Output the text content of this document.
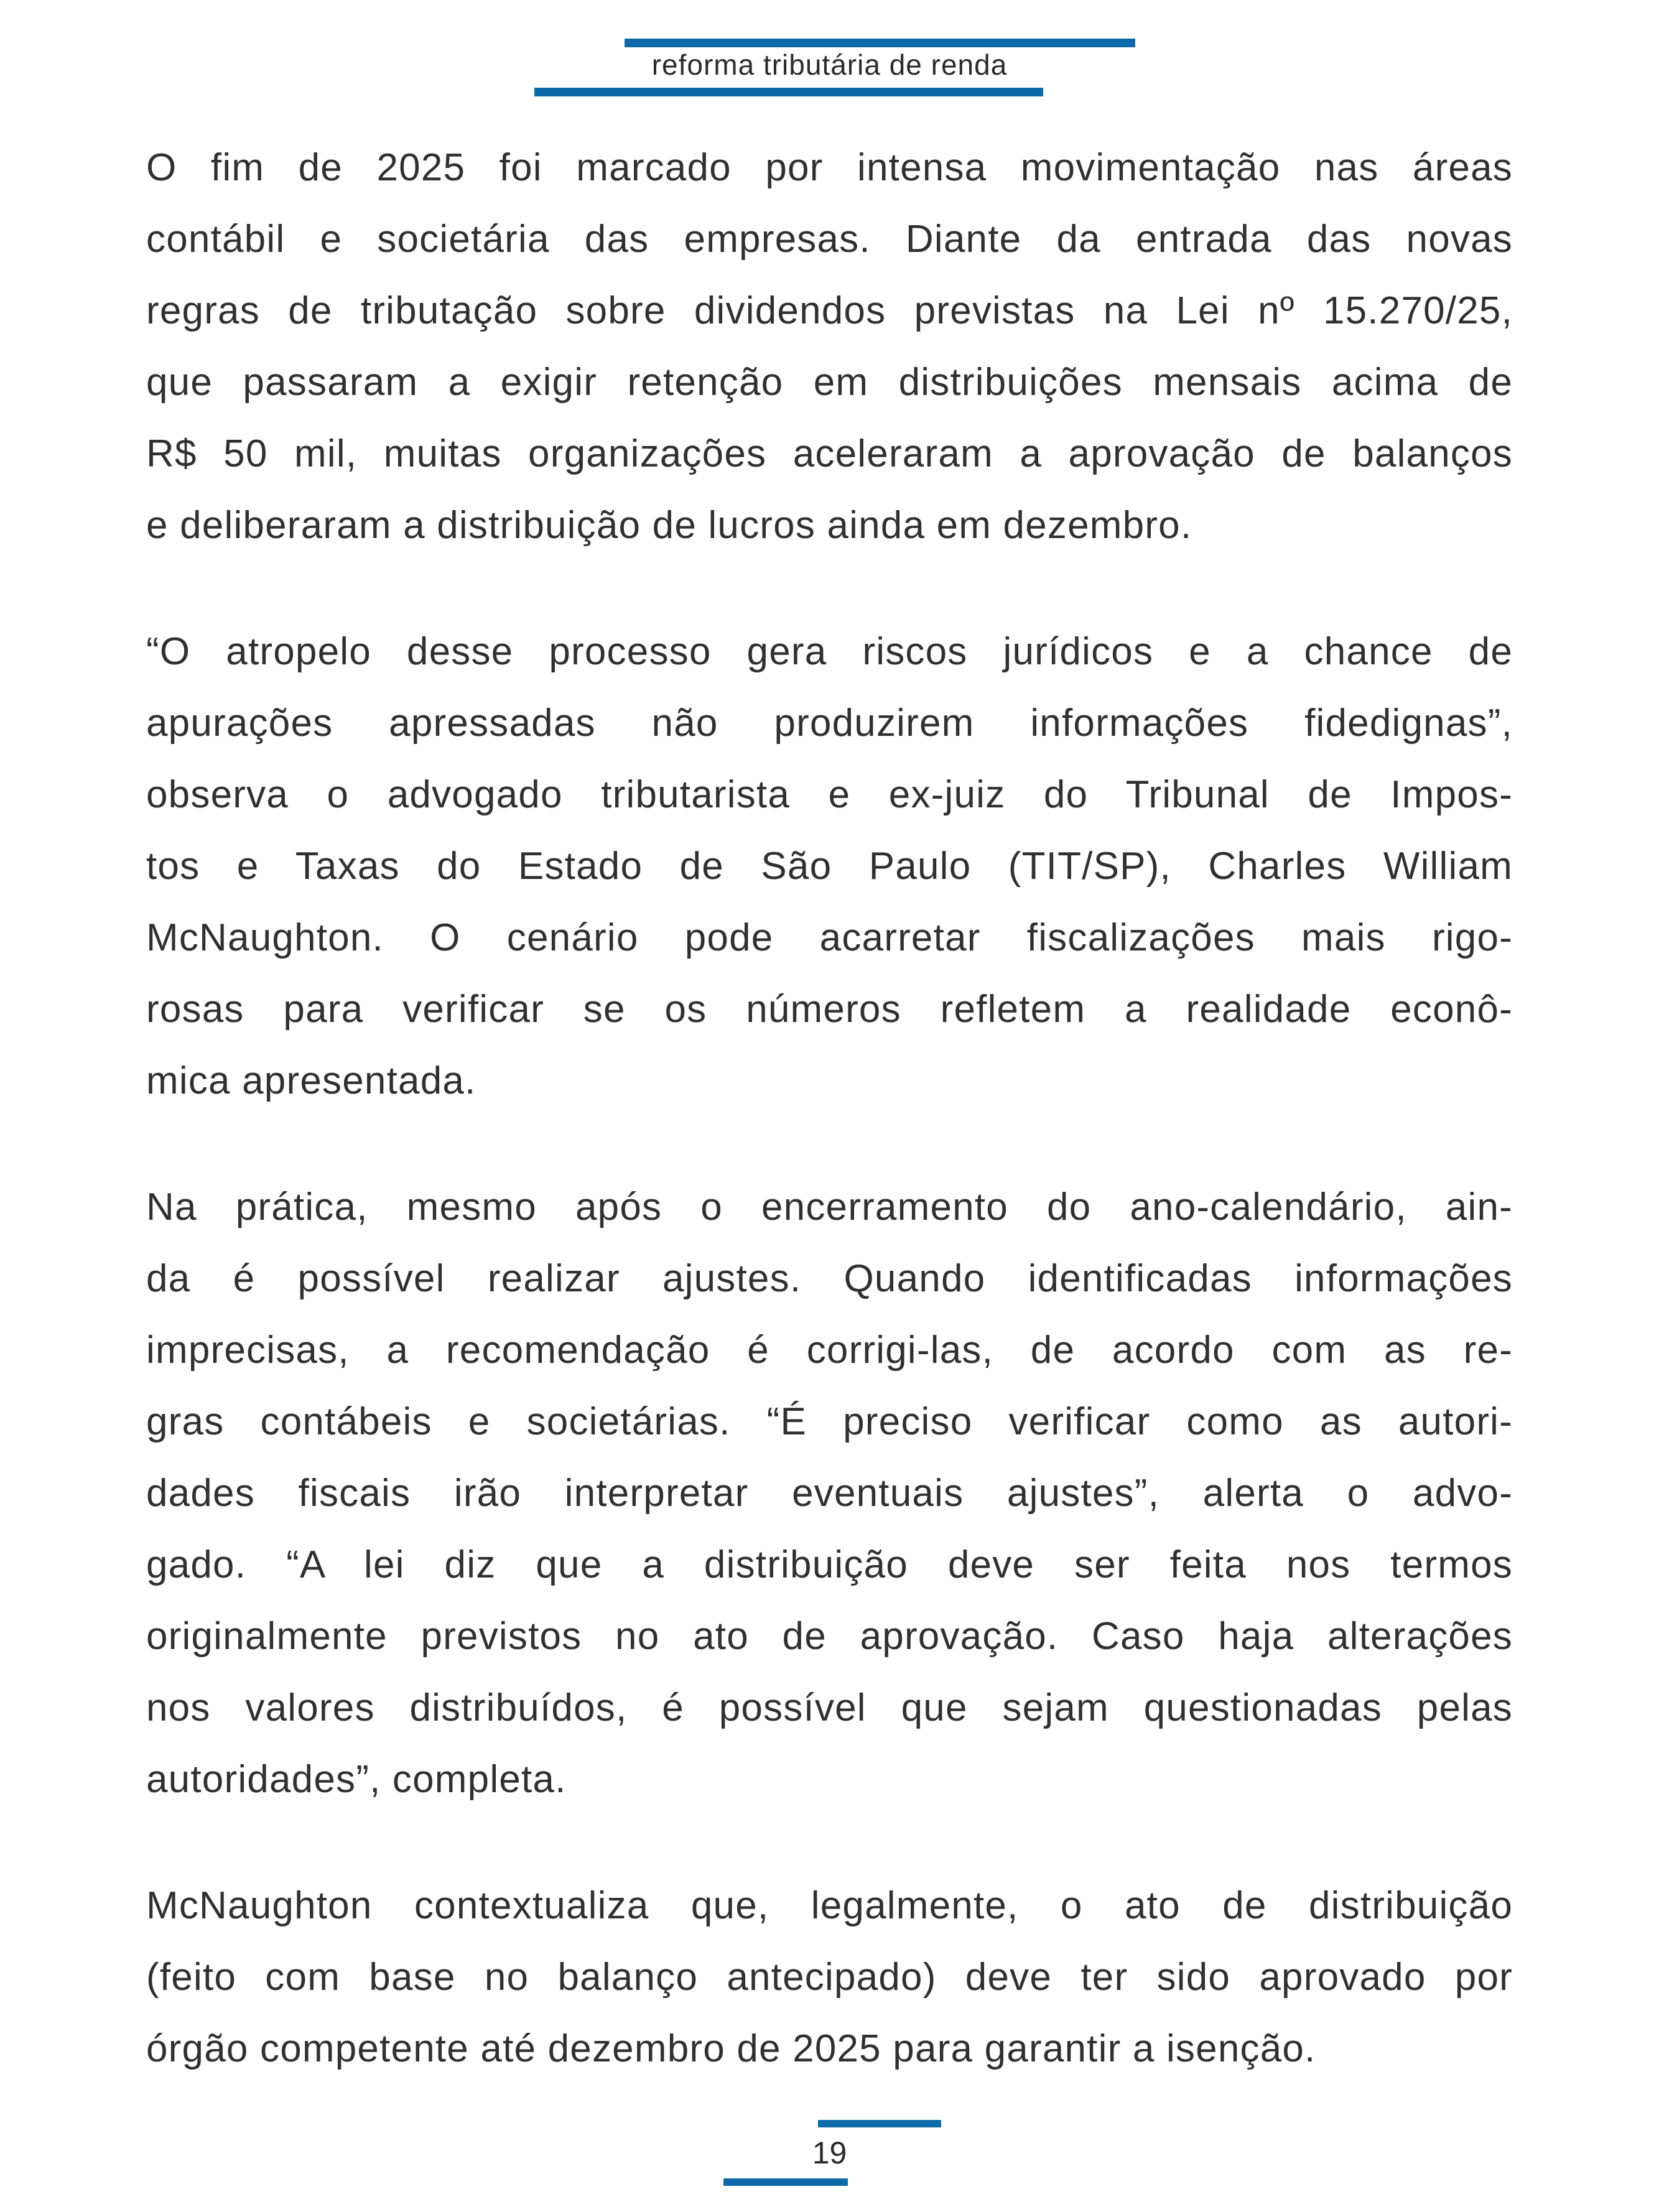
reforma tributária de renda

O fim de 2025 foi marcado por intensa movimentação nas áreas
contábil e societária das empresas. Diante da entrada das novas
regras de tributação sobre dividendos previstas na Lei nº 15.270/25,
que passaram a exigir retenção em distribuições mensais acima de
R$ 50 mil, muitas organizações aceleraram a aprovação de balanços
e deliberaram a distribuição de lucros ainda em dezembro.

“O atropelo desse processo gera riscos jurídicos e a chance de
apurações apressadas não produzirem informações fidedignas”,
observa o advogado tributarista e ex-juiz do Tribunal de Impos-
tos e Taxas do Estado de São Paulo (TIT/SP), Charles William
McNaughton. O cenário pode acarretar fiscalizações mais rigo-
rosas para verificar se os números refletem a realidade econô-
mica apresentada.

Na prática, mesmo após o encerramento do ano-calendário, ain-
da é possível realizar ajustes. Quando identificadas informações
imprecisas, a recomendação é corrigi-las, de acordo com as re-
gras contábeis e societárias. “É preciso verificar como as autori-
dades fiscais irão interpretar eventuais ajustes”, alerta o advo-
gado. “A lei diz que a distribuição deve ser feita nos termos
originalmente previstos no ato de aprovação. Caso haja alterações
nos valores distribuídos, é possível que sejam questionadas pelas
autoridades”, completa.

McNaughton contextualiza que, legalmente, o ato de distribuição
(feito com base no balanço antecipado) deve ter sido aprovado por
órgão competente até dezembro de 2025 para garantir a isenção.

19
